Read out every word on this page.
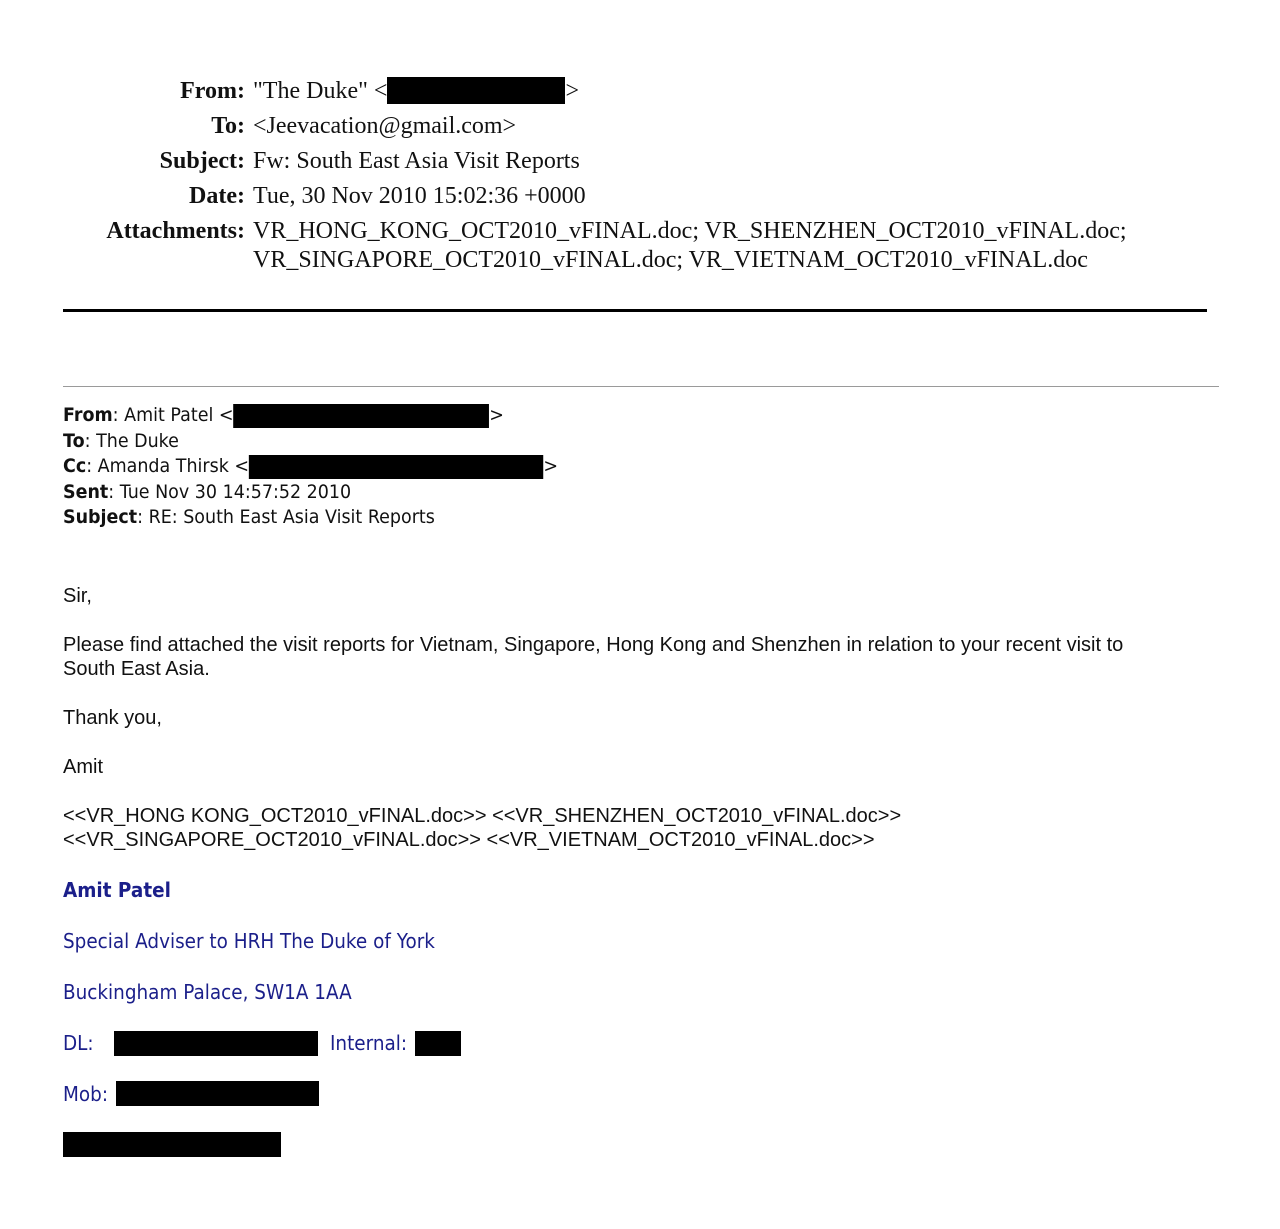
From: "The Duke" <	>
To: <Jeevacation@gmail.com>
Subject: Fw: South East Asia Visit Reports
Date: Tue, 30 Nov 2010 15:02:36 +0000
Attachments: VR_HONG_KONG_OCT2010_vFINAL.doc; VR_SHENZHEN_OCT2010_vFINAL.doc;
VR_SINGAPORE_OCT2010_vFINAL.doc; VR_VIETNAM_OCT2010_vFINAL.doc
From: Amit Patel <	>
To: The Duke
Cc: Amanda Thirsk <	>
Sent: Tue Nov 30 14:57:52 2010
Subject: RE: South East Asia Visit Reports
Sir,
Please find attached the visit reports for Vietnam, Singapore, Hong Kong and Shenzhen in relation to your recent visit to
South East Asia.
Thank you,
Amit
<<VR_HONG KONG_OCT2010_vFINAL.doc>> <<VR_SHENZHEN_OCT2010_vFINAL.doc>>
<<VR_SINGAPORE_OCT2010_vFINAL.doc>> <<VR_VIETNAM_OCT2010_vFINAL.doc>>
Amit Patel
Special Adviser to HRH The Duke of York
Buckingham Palace, SW1A 1AA
DL:	Internal:
Mob:
